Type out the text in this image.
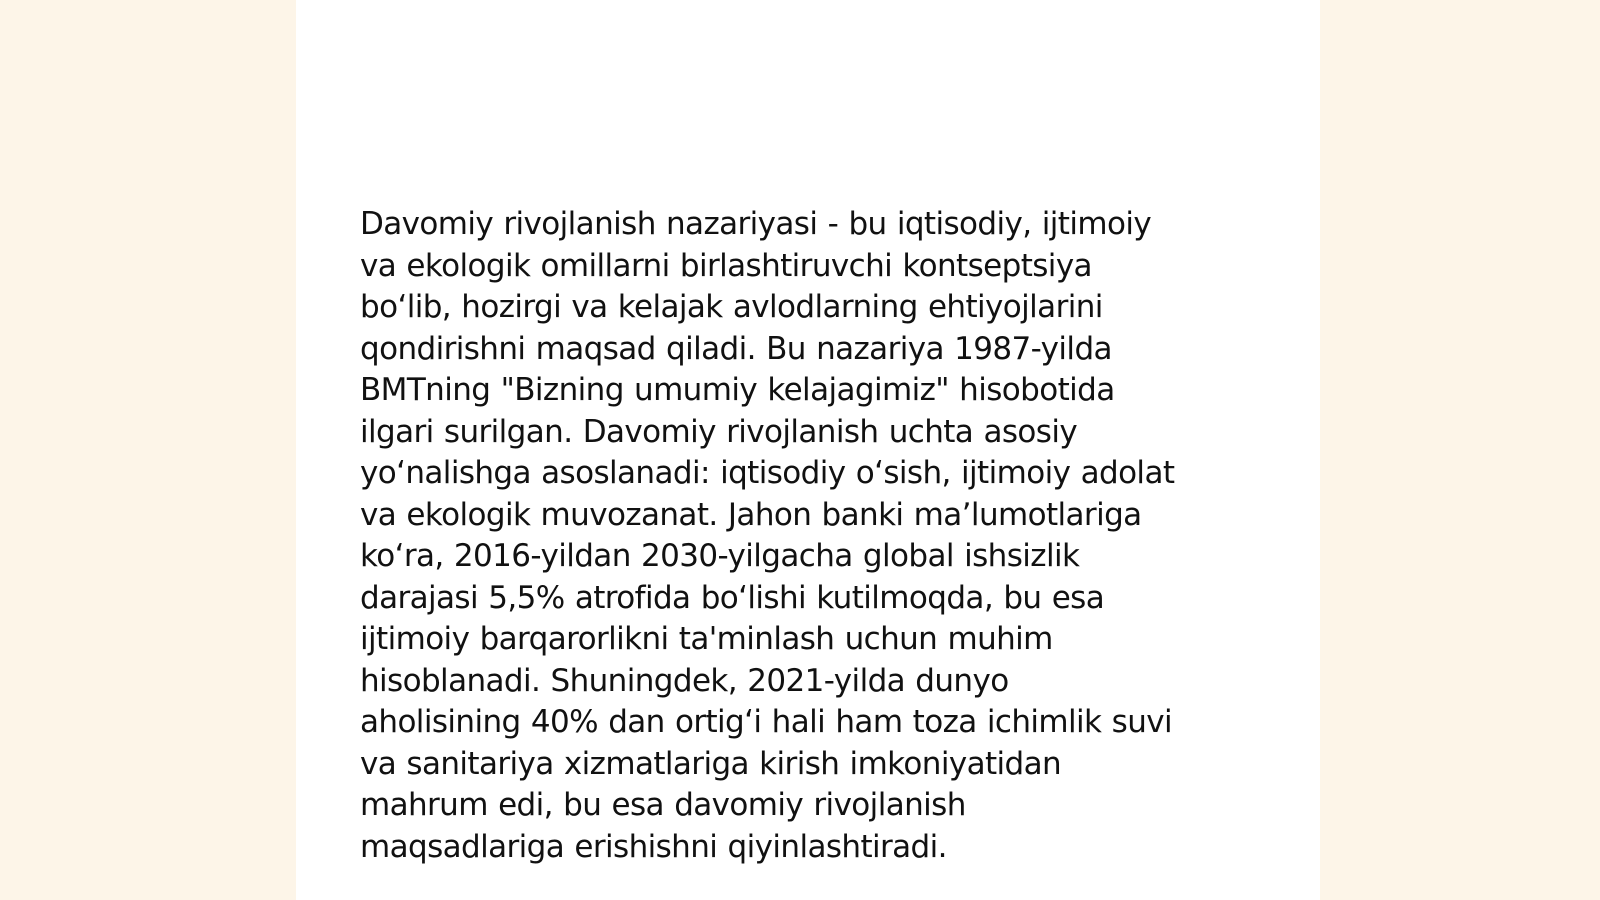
Davomiy rivojlanish nazariyasi - bu iqtisodiy, ijtimoiy
va ekologik omillarni birlashtiruvchi kontseptsiya
bo‘lib, hozirgi va kelajak avlodlarning ehtiyojlarini
qondirishni maqsad qiladi. Bu nazariya 1987-yilda
BMTning "Bizning umumiy kelajagimiz" hisobotida
ilgari surilgan. Davomiy rivojlanish uchta asosiy
yo‘nalishga asoslanadi: iqtisodiy o‘sish, ijtimoiy adolat
va ekologik muvozanat. Jahon banki ma’lumotlariga
ko‘ra, 2016-yildan 2030-yilgacha global ishsizlik
darajasi 5,5% atrofida bo‘lishi kutilmoqda, bu esa
ijtimoiy barqarorlikni ta'minlash uchun muhim
hisoblanadi. Shuningdek, 2021-yilda dunyo
aholisining 40% dan ortig‘i hali ham toza ichimlik suvi
va sanitariya xizmatlariga kirish imkoniyatidan
mahrum edi, bu esa davomiy rivojlanish
maqsadlariga erishishni qiyinlashtiradi.
